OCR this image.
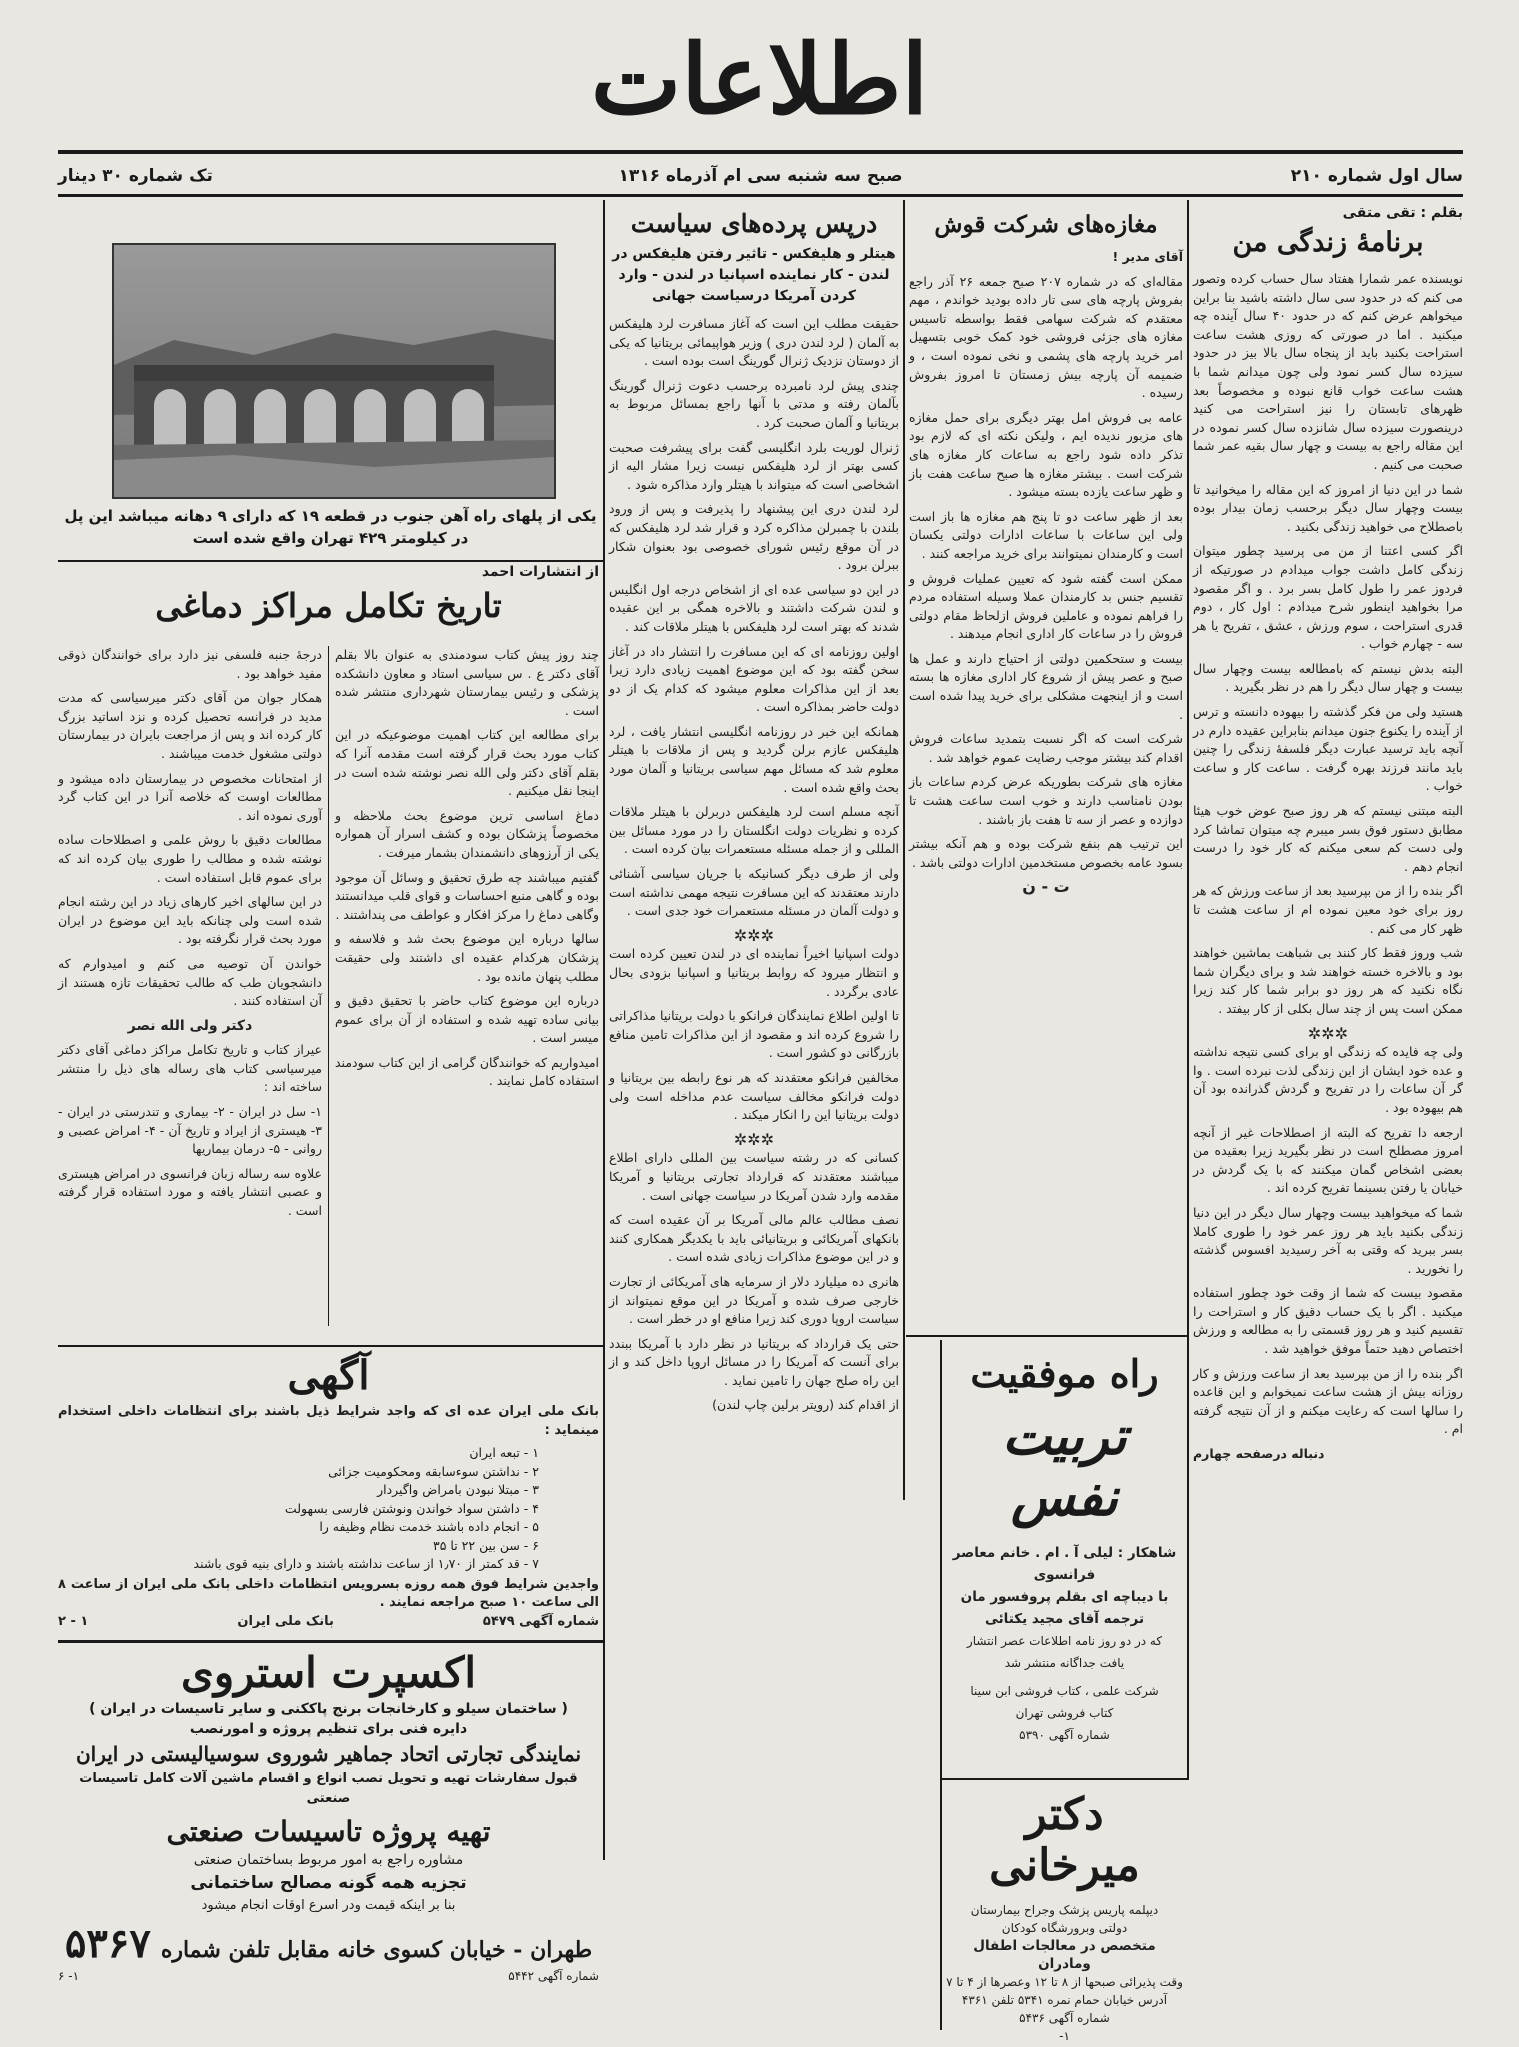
اطلاعات
سال اول شماره ۲۱۰
صبح سه شنبه سی ام آذرماه ۱۳۱۶
تک شماره ۳۰ دینار
بقلم : تقی متقی
برنامهٔ زندگی من

نویسنده عمر شمارا هفتاد سال حساب کرده وتصور می کنم که در حدود سی سال داشته باشید بنا براین میخواهم عرض کنم که در حدود ۴۰ سال آینده چه میکنید . اما در صورتی که روزی هشت ساعت استراحت بکنید باید از پنجاه سال بالا بیز در حدود سیزده سال کسر نمود ولی چون میدانم شما با هشت ساعت خواب قانع نبوده و مخصوصاً بعد ظهرهای تابستان را نیز استراحت می کنید درینصورت سیزده سال شانزده سال کسر نموده در این مقاله راجع به بیست و چهار سال بقیه عمر شما صحبت می کنیم .

شما در این دنیا از امروز که این مقاله را میخوانید تا بیست وچهار سال دیگر برحسب زمان بیدار بوده باصطلاح می خواهید زندگی بکنید .

اگر کسی اعتنا از من می پرسید چطور میتوان زندگی کامل داشت جواب میدادم در صورتیکه از فردوز عمر را طول کامل بسر برد . و اگر مقصود مرا بخواهید اینطور شرح میدادم : اول کار ، دوم قدری استراحت ، سوم ورزش ، عشق ، تفریح یا هر سه - چهارم خواب .

البته بدش نیستم که بامطالعه بیست وچهار سال بیست و چهار سال دیگر را هم در نظر بگیرید .

هستید ولی من فکر گذشته را بیهوده دانسته و ترس از آینده را یکنوع جنون میدانم بنابراین عقیده دارم در آنچه باید ترسید عبارت دیگر فلسفهٔ زندگی را چنین باید مانند فرزند بهره گرفت . ساعت کار و ساعت خواب .

البته مبتنی نیستم که هر روز صبح عوض خوب هیئا مطابق دستور فوق بسر میبرم چه میتوان تماشا کرد ولی دست کم سعی میکنم که کار خود را درست انجام دهم .

اگر بنده را از من بپرسید بعد از ساعت ورزش که هر روز برای خود معین نموده ام از ساعت هشت تا ظهر کار می کنم .

شب وروز فقط کار کنند بی شباهت بماشین خواهند بود و بالاخره خسته خواهند شد و برای دیگران شما نگاه نکنید که هر روز دو برابر شما کار کند زیرا ممکن است پس از چند سال بکلی از کار بیفتد .

✲✲✲

ولی چه فایده که زندگی او برای کسی نتیجه نداشته و عده خود ایشان از این زندگی لذت نبرده است . وا گر آن ساعات را در تفریح و گردش گذرانده بود آن هم بیهوده بود .

ارجعه دا تفریح که البته از اصطلاحات غیر از آنچه امروز مصطلح است در نظر بگیرید زیرا بعقیده من بعضی اشخاص گمان میکنند که با یک گردش در خیابان یا رفتن بسینما تفریح کرده اند .

شما که میخواهید بیست وچهار سال دیگر در این دنیا زندگی بکنید باید هر روز عمر خود را طوری کاملا بسر ببرید که وقتی به آخر رسیدید افسوس گذشته را نخورید .

مقصود بیست که شما از وقت خود چطور استفاده میکنید . اگر با یک حساب دقیق کار و استراحت را تقسیم کنید و هر روز قسمتی را به مطالعه و ورزش اختصاص دهید حتماً موفق خواهید شد .

اگر بنده را از من بپرسید بعد از ساعت ورزش و کار روزانه بیش از هشت ساعت نمیخوابم و این قاعده را سالها است که رعایت میکنم و از آن نتیجه گرفته ام .

دنباله درصفحه چهارم

مغازه‌های شرکت قوش

آقای مدیر !

مقاله‌ای که در شماره ۲۰۷ صبح جمعه ۲۶ آذر راجع بفروش پارچه های سی تار داده بودید خواندم ، مهم معتقدم که شرکت سهامی فقط بواسطه تاسیس مغازه های جزئی فروشی خود کمک خوبی بتسهیل امر خرید پارچه های پشمی و نخی نموده است ، و ضمیمه آن پارچه بیش زمستان تا امروز بفروش رسیده .

عامه بی فروش امل بهتر دیگری برای حمل مغازه های مزبور ندیده ایم ، ولیکن نکته ای که لازم بود تذکر داده شود راجع به ساعات کار مغازه های شرکت است . بیشتر مغازه ها صبح ساعت هفت باز و ظهر ساعت یازده بسته میشود .

بعد از ظهر ساعت دو تا پنج هم مغازه ها باز است ولی این ساعات با ساعات ادارات دولتی یکسان است و کارمندان نمیتوانند برای خرید مراجعه کنند .

ممکن است گفته شود که تعیین عملیات فروش و تقسیم جنس بد کارمندان عملا وسیله استفاده مردم را فراهم نموده و عاملین فروش ازلحاظ مقام دولتی فروش را در ساعات کار اداری انجام میدهند .

بیست و ستحکمین دولتی از احتیاج دارند و عمل ها صبح و عصر پیش از شروع کار اداری مغازه ها بسته است و از اینجهت مشکلی برای خرید پیدا شده است .

شرکت است که اگر نسبت بتمدید ساعات فروش اقدام کند بیشتر موجب رضایت عموم خواهد شد .

مغازه های شرکت بطوریکه عرض کردم ساعات باز بودن نامناسب دارند و خوب است ساعت هشت تا دوازده و عصر از سه تا هفت باز باشند .

این ترتیب هم بنفع شرکت بوده و هم آنکه بیشتر بسود عامه بخصوص مستخدمین ادارات دولتی باشد .

ت - ن

راه موفقیت
تربیت نفس
شاهکار : لیلی آ . ام . خانم معاصر فرانسوی
با دیباچه ای بقلم پروفسور مان
ترجمه آقای مجید یکتائی
که در دو روز نامه اطلاعات عصر انتشار
یافت جداگانه منتشر شد
شرکت علمی ، کتاب فروشی ابن سینا
کتاب فروشی تهران
شماره آگهی ۵۳۹۰
دکتر میرخانی
دیپلمه پاریس پزشک وجراح بیمارستان
دولتی وبرورشگاه کودکان
متخصص در معالجات اطفال ومادران
وقت پذیرائی صبحها از ۸ تا ۱۲ وعصرها از ۴ تا ۷
آدرس خیابان حمام نمره ۵۳۴۱ تلفن ۴۳۶۱
شماره آگهی ۵۴۳۶
۱-
درپس پرده‌های سیاست
هیتلر و هلیفکس - تاثیر رفتن هلیفکس در لندن - کار نماینده اسپانیا در لندن - وارد کردن آمریکا درسیاست جهانی

حقیقت مطلب این است که آغاز مسافرت لرد هلیفکس به آلمان ( لرد لندن دری ) وزیر هواپیمائی بریتانیا که یکی از دوستان نزدیک ژنرال گورینگ است بوده است .

چندی پیش لرد نامبرده برحسب دعوت ژنرال گورینگ بآلمان رفته و مدتی با آنها راجع بمسائل مربوط به بریتانیا و آلمان صحبت کرد .

ژنرال لوریت بلرد انگلیسی گفت برای پیشرفت صحبت کسی بهتر از لرد هلیفکس نیست زیرا مشار الیه از اشخاصی است که میتواند با هیتلر وارد مذاکره شود .

لرد لندن دری این پیشنهاد را پذیرفت و پس از ورود بلندن با چمبرلن مذاکره کرد و قرار شد لرد هلیفکس که در آن موقع رئیس شورای خصوصی بود بعنوان شکار ببرلن برود .

در این دو سیاسی عده ای از اشخاص درجه اول انگلیس و لندن شرکت داشتند و بالاخره همگی بر این عقیده شدند که بهتر است لرد هلیفکس با هیتلر ملاقات کند .

اولین روزنامه ای که این مسافرت را انتشار داد در آغاز سخن گفته بود که این موضوع اهمیت زیادی دارد زیرا بعد از این مذاکرات معلوم میشود که کدام یک از دو دولت حاضر بمذاکره است .

همانکه این خبر در روزنامه انگلیسی انتشار یافت ، لرد هلیفکس عازم برلن گردید و پس از ملاقات با هیتلر معلوم شد که مسائل مهم سیاسی بریتانیا و آلمان مورد بحث واقع شده است .

آنچه مسلم است لرد هلیفکس دربرلن با هیتلر ملاقات کرده و نظریات دولت انگلستان را در مورد مسائل بین المللی و از جمله مسئله مستعمرات بیان کرده است .

ولی از طرف دیگر کسانیکه با جریان سیاسی آشنائی دارند معتقدند که این مسافرت نتیجه مهمی نداشته است و دولت آلمان در مسئله مستعمرات خود جدی است .

✲✲✲

دولت اسپانیا اخیراً نماینده ای در لندن تعیین کرده است و انتظار میرود که روابط بریتانیا و اسپانیا بزودی بحال عادی برگردد .

تا اولین اطلاع نمایندگان فرانکو با دولت بریتانیا مذاکراتی را شروع کرده اند و مقصود از این مذاکرات تامین منافع بازرگانی دو کشور است .

مخالفین فرانکو معتقدند که هر نوع رابطه بین بریتانیا و دولت فرانکو مخالف سیاست عدم مداخله است ولی دولت بریتانیا این را انکار میکند .

✲✲✲

کسانی که در رشته سیاست بین المللی دارای اطلاع میباشند معتقدند که قرارداد تجارتی بریتانیا و آمریکا مقدمه وارد شدن آمریکا در سیاست جهانی است .

نصف مطالب عالم مالی آمریکا بر آن عقیده است که بانکهای آمریکائی و بریتانیائی باید با یکدیگر همکاری کنند و در این موضوع مذاکرات زیادی شده است .

هانری ده میلیارد دلار از سرمایه های آمریکائی از تجارت خارجی صرف شده و آمریکا در این موقع نمیتواند از سیاست اروپا دوری کند زیرا منافع او در خطر است .

حتی یک قرارداد که بریتانیا در نظر دارد با آمریکا ببندد برای آنست که آمریکا را در مسائل اروپا داخل کند و از این راه صلح جهان را تامین نماید .

از اقدام کند (رویتر برلین چاپ لندن)

یکی از پلهای راه آهن جنوب در قطعه ۱۹ که دارای ۹ دهانه میباشد این پل در کیلومتر ۴۲۹ تهران واقع شده است
از انتشارات احمد
تاریخ تکامل مراکز دماغی

چند روز پیش کتاب سودمندی به عنوان بالا بقلم آقای دکتر ع . س سیاسی استاد و معاون دانشکده پزشکی و رئیس بیمارستان شهرداری منتشر شده است .

برای مطالعه این کتاب اهمیت موضوعیکه در این کتاب مورد بحث قرار گرفته است مقدمه آنرا که بقلم آقای دکتر ولی الله نصر نوشته شده است در اینجا نقل میکنیم .

دماغ اساسی ترین موضوع بحث ملاحظه و مخصوصاً پزشکان بوده و کشف اسرار آن همواره یکی از آرزوهای دانشمندان بشمار میرفت .

گفتیم میباشند چه طرق تحقیق و وسائل آن موجود بوده و گاهی منبع احساسات و قوای قلب میدانستند وگاهی دماغ را مرکز افکار و عواطف می پنداشتند .

سالها درباره این موضوع بحث شد و فلاسفه و پزشکان هرکدام عقیده ای داشتند ولی حقیقت مطلب پنهان مانده بود .

درباره این موضوع کتاب حاضر با تحقیق دقیق و بیانی ساده تهیه شده و استفاده از آن برای عموم میسر است .

امیدواریم که خوانندگان گرامی از این کتاب سودمند استفاده کامل نمایند .

درجهٔ جنبه فلسفی نیز دارد برای خوانندگان ذوقی مفید خواهد بود .

همکار جوان من آقای دکتر میرسیاسی که مدت مدید در فرانسه تحصیل کرده و نزد اساتید بزرگ کار کرده اند و پس از مراجعت بایران در بیمارستان دولتی مشغول خدمت میباشند .

از امتحانات مخصوص در بیمارستان داده میشود و مطالعات اوست که خلاصه آنرا در این کتاب گرد آوری نموده اند .

مطالعات دقیق با روش علمی و اصطلاحات ساده نوشته شده و مطالب را طوری بیان کرده اند که برای عموم قابل استفاده است .

در این سالهای اخیر کارهای زیاد در این رشته انجام شده است ولی چنانکه باید این موضوع در ایران مورد بحث قرار نگرفته بود .

خواندن آن توصیه می کنم و امیدوارم که دانشجویان طب که طالب تحقیقات تازه هستند از آن استفاده کنند .

دکتر ولی الله نصر

عیراز کتاب و تاریخ تکامل مراکز دماغی آقای دکتر میرسیاسی کتاب های رساله های ذیل را منتشر ساخته اند :

۱- سل در ایران - ۲- بیماری و تندرستی در ایران - ۳- هیستری از ایراد و تاریخ آن - ۴- امراض عصبی و روانی - ۵- درمان بیماریها

علاوه سه رساله زبان فرانسوی در امراض هیستری و عصبی انتشار یافته و مورد استفاده قرار گرفته است .

آگهی
بانک ملی ایران عده ای که واجد شرایط ذیل باشند برای انتظامات داخلی استخدام مینماید :
۱ - تبعه ایران
۲ - نداشتن سوءسابقه ومحکومیت جزائی
۳ - مبتلا نبودن بامراض واگیردار
۴ - داشتن سواد خواندن ونوشتن فارسی بسهولت
۵ - انجام داده باشند خدمت نظام وظیفه را
۶ - سن بین ۲۲ تا ۳۵
۷ - قد کمتر از ۱٫۷۰ از ساعت نداشته باشند و دارای بنیه قوی باشند
واجدین شرایط فوق همه روزه بسرویس انتظامات داخلی بانک ملی ایران از ساعت ۸ الی ساعت ۱۰ صبح مراجعه نمایند .
شماره آگهی ۵۴۷۹
بانک ملی ایران
۱ - ۲
اکسپرت استروی
( ساختمان سیلو و کارخانجات برنج پاککنی و سایر تاسیسات در ایران )
دایره فنی برای تنظیم پروژه و امورنصب
نمایندگی تجارتی اتحاد جماهیر شوروی سوسیالیستی در ایران
قبول سفارشات تهیه و تحویل نصب انواع و اقسام ماشین آلات کامل تاسیسات صنعتی
تهیه پروژه تاسیسات صنعتی
مشاوره راجع به امور مربوط بساختمان صنعتی
تجزیه همه گونه مصالح ساختمانی
بنا بر اینکه قیمت ودر اسرع اوقات انجام میشود
طهران - خیابان کسوی خانه مقابل تلفن شماره
۵۳۶۷
شماره آگهی ۵۴۴۲
۱- ۶
